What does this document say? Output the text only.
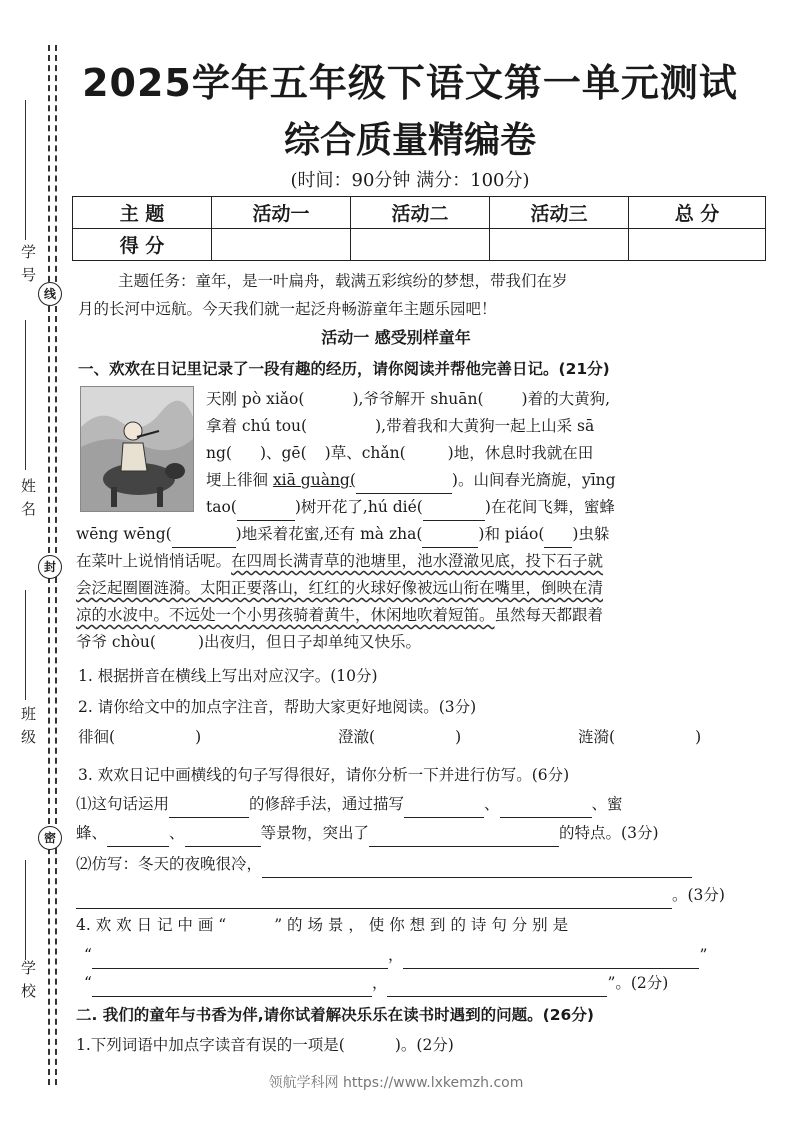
学号
线
姓名
封
班级
密
学校
2025学年五年级下语文第一单元测试
综合质量精编卷
(时间：90分钟 满分：100分)
主 题	活动一	活动二	活动三	总 分
得 分				
主题任务：童年，是一叶扁舟，载满五彩缤纷的梦想，带我们在岁
月的长河中远航。今天我们就一起泛舟畅游童年主题乐园吧！
活动一 感受别样童年
一、欢欢在日记里记录了一段有趣的经历，请你阅读并帮他完善日记。(21分)
天刚 pò xiǎo(	),爷爷解开 shuān( )着的大黄狗,
拿着 chú tou(	),带着我和大黄狗一起上山采 sā
ng( )、gē( )草、chǎn(	)地，休息时我就在田
埂上徘徊 xiā guàng(	)。山间春光旖旎，yīng
tao(	)树开花了,hú dié(	)在花间飞舞，蜜蜂
wēng wēng(	)地采着花蜜,还有 mà zha(	)和 piáo( )虫躲
在菜叶上说悄悄话呢。在四周长满青草的池塘里，池水澄澈见底，投下石子就
会泛起圈圈涟漪。太阳正要落山，红红的火球好像被远山衔在嘴里，倒映在清
凉的水波中。不远处一个小男孩骑着黄牛，休闲地吹着短笛。虽然每天都跟着
爷爷 chòu(	)出夜归，但日子却单纯又快乐。
1. 根据拼音在横线上写出对应汉字。(10分)
2. 请你给文中的加点字注音，帮助大家更好地阅读。(3分)
徘徊(	)	澄澈(	)	涟漪(	)
3. 欢欢日记中画横线的句子写得很好，请你分析一下并进行仿写。(6分)
⑴这句话运用	的修辞手法，通过描写	、	、蜜
蜂、	、	等景物，突出了	的特点。(3分)
⑵仿写：冬天的夜晚很冷，
。(3分)
4. 欢 欢 日 记 中 画 “	” 的 场 景 ， 使 你 想 到 的 诗 句 分 别 是
“	，	”
“	，	”。(2分)
二. 我们的童年与书香为伴,请你试着解决乐乐在读书时遇到的问题。(26分)
1.下列词语中加点字读音有误的一项是(	)。(2分)
领航学科网 https://www.lxkemzh.com
